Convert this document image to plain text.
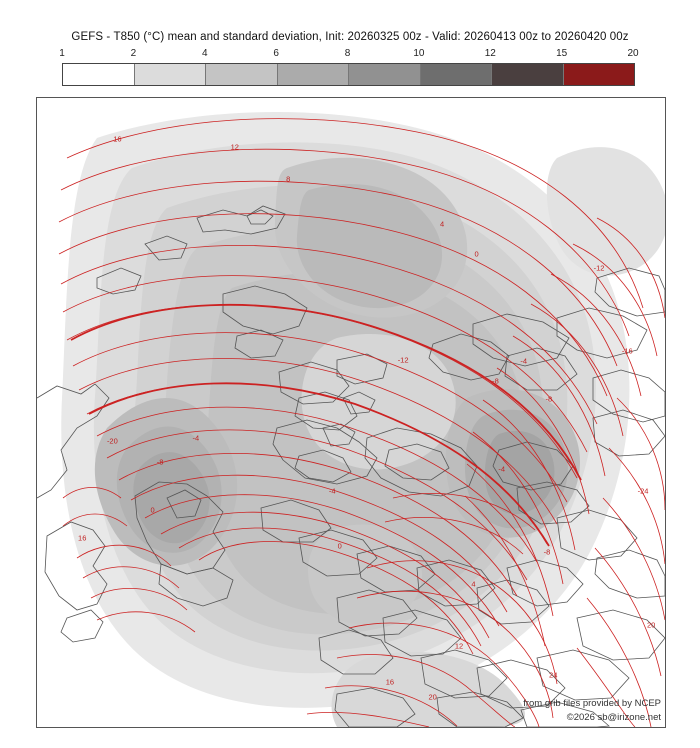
GEFS - T850 (°C) mean and standard deviation, Init: 20260325 00z - Valid: 20260413 00z to 20260420 00z
1	2	4	6	8	10	12	15	20
16
12
8
4
0
-12
-16
-12
-8
-8
-4
-4
-24
-20
-8
-4
0
0
-4
-8
16
4
12
16
20
24
20
from grib files provided by NCEP
©2026 sb@irizone.net
